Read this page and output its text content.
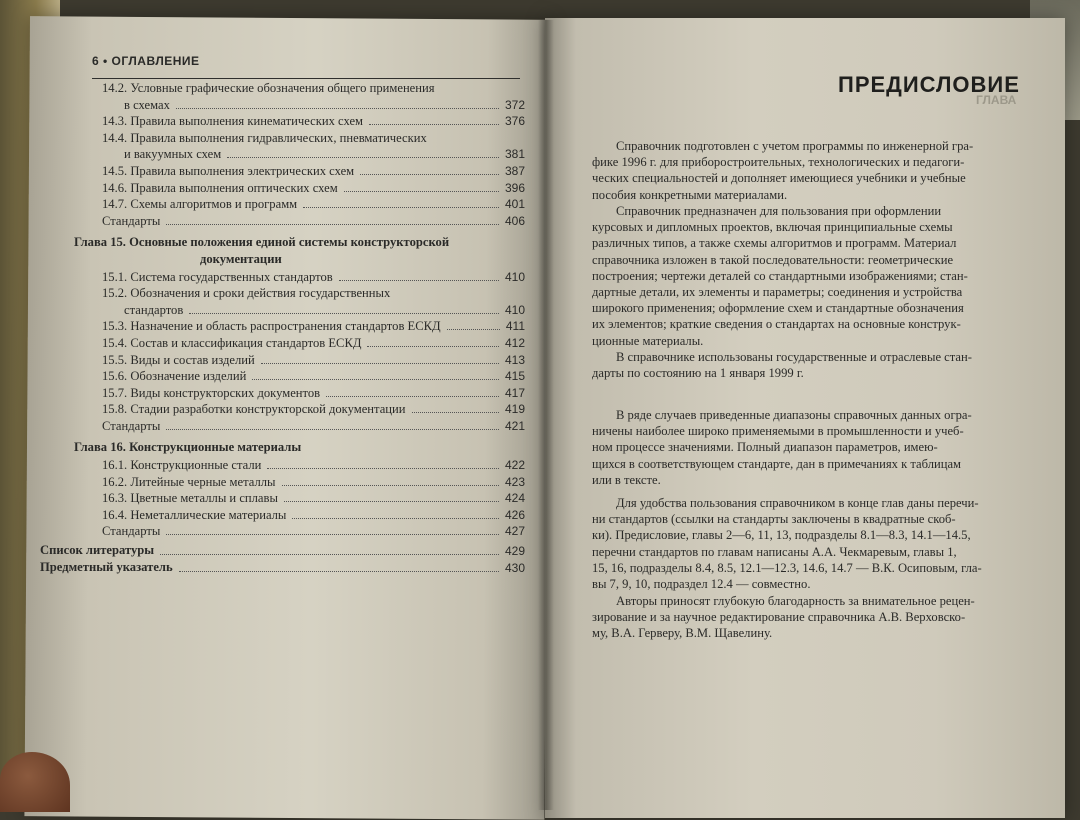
6 • ОГЛАВЛЕНИЕ
14.2. Условные графические обозначения общего применения
в схемах	372
14.3. Правила выполнения кинематических схем	376
14.4. Правила выполнения гидравлических, пневматических
и вакуумных схем	381
14.5. Правила выполнения электрических схем	387
14.6. Правила выполнения оптических схем	396
14.7. Схемы алгоритмов и программ	401
Стандарты	406
Глава 15. Основные положения единой системы конструкторской
документации
15.1. Система государственных стандартов	410
15.2. Обозначения и сроки действия государственных
стандартов	410
15.3. Назначение и область распространения стандартов ЕСКД	411
15.4. Состав и классификация стандартов ЕСКД	412
15.5. Виды и состав изделий	413
15.6. Обозначение изделий	415
15.7. Виды конструкторских документов	417
15.8. Стадии разработки конструкторской документации	419
Стандарты	421
Глава 16. Конструкционные материалы
16.1. Конструкционные стали	422
16.2. Литейные черные металлы	423
16.3. Цветные металлы и сплавы	424
16.4. Неметаллические материалы	426
Стандарты	427
Список литературы	429
Предметный указатель	430
ГЛАВА
ПРЕДИСЛОВИЕ
Справочник подготовлен с учетом программы по инженерной гра-
фике 1996 г. для приборостроительных, технологических и педагоги-
ческих специальностей и дополняет имеющиеся учебники и учебные
пособия конкретными материалами.
Справочник предназначен для пользования при оформлении
курсовых и дипломных проектов, включая принципиальные схемы
различных типов, а также схемы алгоритмов и программ. Материал
справочника изложен в такой последовательности: геометрические
построения; чертежи деталей со стандартными изображениями; стан-
дартные детали, их элементы и параметры; соединения и устройства
широкого применения; оформление схем и стандартные обозначения
их элементов; краткие сведения о стандартах на основные конструк-
ционные материалы.
В справочнике использованы государственные и отраслевые стан-
дарты по состоянию на 1 января 1999 г.
В ряде случаев приведенные диапазоны справочных данных огра-
ничены наиболее широко применяемыми в промышленности и учеб-
ном процессе значениями. Полный диапазон параметров, имею-
щихся в соответствующем стандарте, дан в примечаниях к таблицам
или в тексте.
Для удобства пользования справочником в конце глав даны перечи-
ни стандартов (ссылки на стандарты заключены в квадратные скоб-
ки). Предисловие, главы 2—6, 11, 13, подразделы 8.1—8.3, 14.1—14.5,
перечни стандартов по главам написаны А.А. Чекмаревым, главы 1,
15, 16, подразделы 8.4, 8.5, 12.1—12.3, 14.6, 14.7 — В.К. Осиповым, гла-
вы 7, 9, 10, подраздел 12.4 — совместно.
Авторы приносят глубокую благодарность за внимательное рецен-
зирование и за научное редактирование справочника А.В. Верховско-
му, В.А. Герверу, В.М. Щавелину.
